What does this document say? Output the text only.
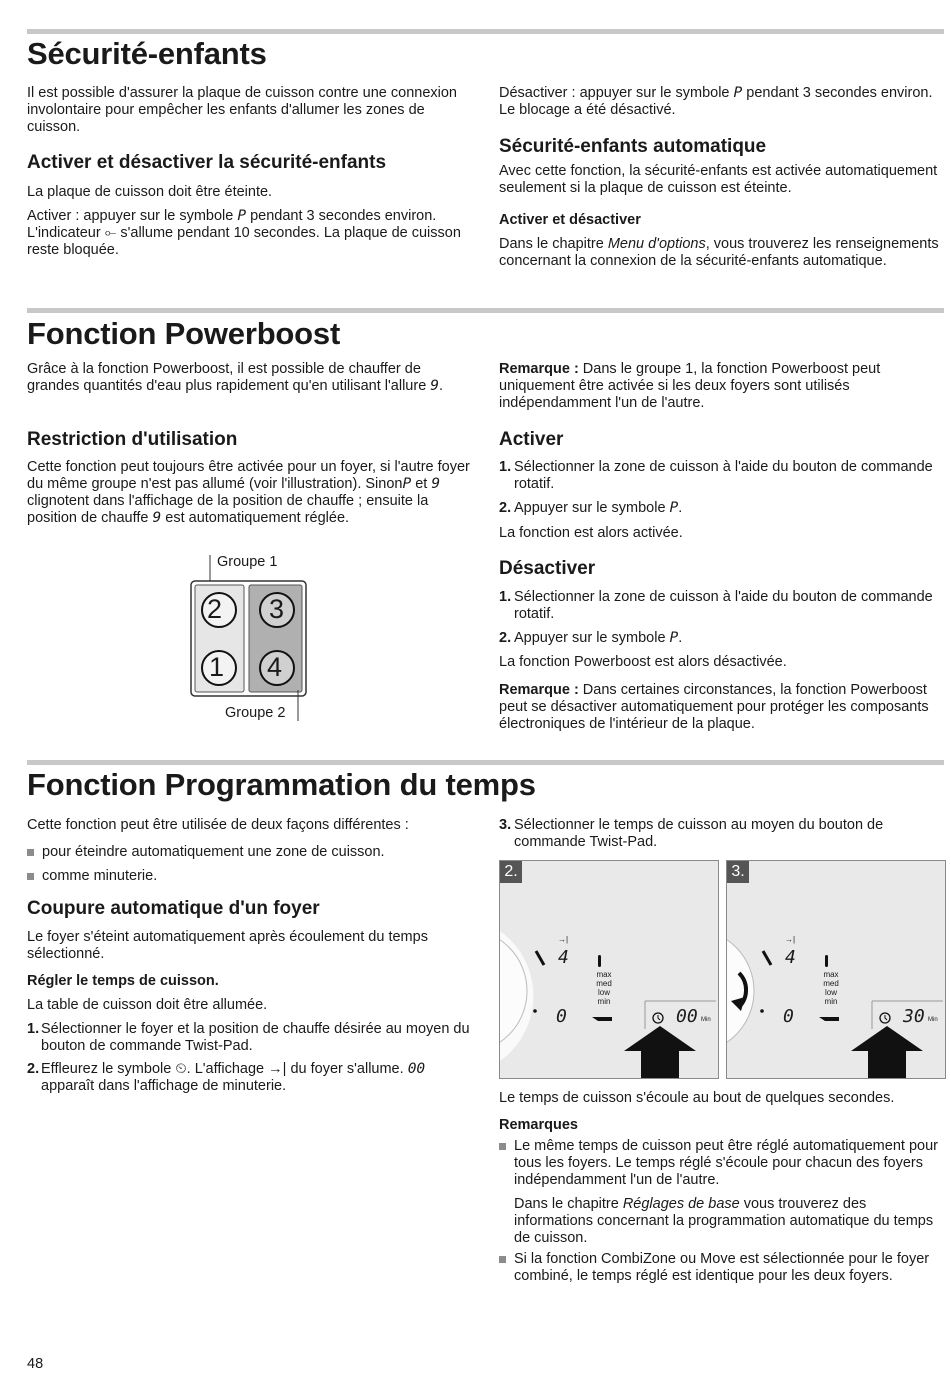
Sécurité-enfants

Il est possible d'assurer la plaque de cuisson contre une connexion involontaire pour empêcher les enfants d'allumer les zones de cuisson.

Activer et désactiver la sécurité-enfants

La plaque de cuisson doit être éteinte.

Activer : appuyer sur le symbole P pendant 3 secondes environ. L'indicateur ⟜ s'allume pendant 10 secondes. La plaque de cuisson reste bloquée.

Désactiver : appuyer sur le symbole P pendant 3 secondes environ. Le blocage a été désactivé.

Sécurité-enfants automatique

Avec cette fonction, la sécurité-enfants est activée automatiquement seulement si la plaque de cuisson est éteinte.

Activer et désactiver

Dans le chapitre Menu d'options, vous trouverez les renseignements concernant la connexion de la sécurité-enfants automatique.

Fonction Powerboost

Grâce à la fonction Powerboost, il est possible de chauffer de grandes quantités d'eau plus rapidement qu'en utilisant l'allure 9.

Restriction d'utilisation

Cette fonction peut toujours être activée pour un foyer, si l'autre foyer du même groupe n'est pas allumé (voir l'illustration). SinonP et 9 clignotent dans l'affichage de la position de chauffe ; ensuite la position de chauffe 9 est automatiquement réglée.

2 3
1 4
Groupe 1
Groupe 2

Remarque : Dans le groupe 1, la fonction Powerboost peut uniquement être activée si les deux foyers sont utilisés indépendamment l'un de l'autre.

Activer
1. Sélectionner la zone de cuisson à l'aide du bouton de commande rotatif.
2. Appuyer sur le symbole P.

La fonction est alors activée.

Désactiver
1. Sélectionner la zone de cuisson à l'aide du bouton de commande rotatif.
2. Appuyer sur le symbole P.

La fonction Powerboost est alors désactivée.

Remarque : Dans certaines circonstances, la fonction Powerboost peut se désactiver automatiquement pour protéger les composants électroniques de l'intérieur de la plaque.

Fonction Programmation du temps

Cette fonction peut être utilisée de deux façons différentes :

pour éteindre automatiquement une zone de cuisson.
comme minuterie.
Coupure automatique d'un foyer

Le foyer s'éteint automatiquement après écoulement du temps sélectionné.

Régler le temps de cuisson.

La table de cuisson doit être allumée.

1. Sélectionner le foyer et la position de chauffe désirée au moyen du bouton de commande Twist-Pad.
2. Effleurez le symbole ⏲. L'affichage →| du foyer s'allume. 00 apparaît dans l'affichage de minuterie.
3. Sélectionner le temps de cuisson au moyen du bouton de commande Twist-Pad.
2.
→|
4
0
max
med
low
min
00 Min
3.
→|
4
0
max
med
low
min
30 Min

Le temps de cuisson s'écoule au bout de quelques secondes.

Remarques
Le même temps de cuisson peut être réglé automatiquement pour tous les foyers. Le temps réglé s'écoule pour chacun des foyers indépendamment l'un de l'autre.
Dans le chapitre Réglages de base vous trouverez des informations concernant la programmation automatique du temps de cuisson.
Si la fonction CombiZone ou Move est sélectionnée pour le foyer combiné, le temps réglé est identique pour les deux foyers.
48
